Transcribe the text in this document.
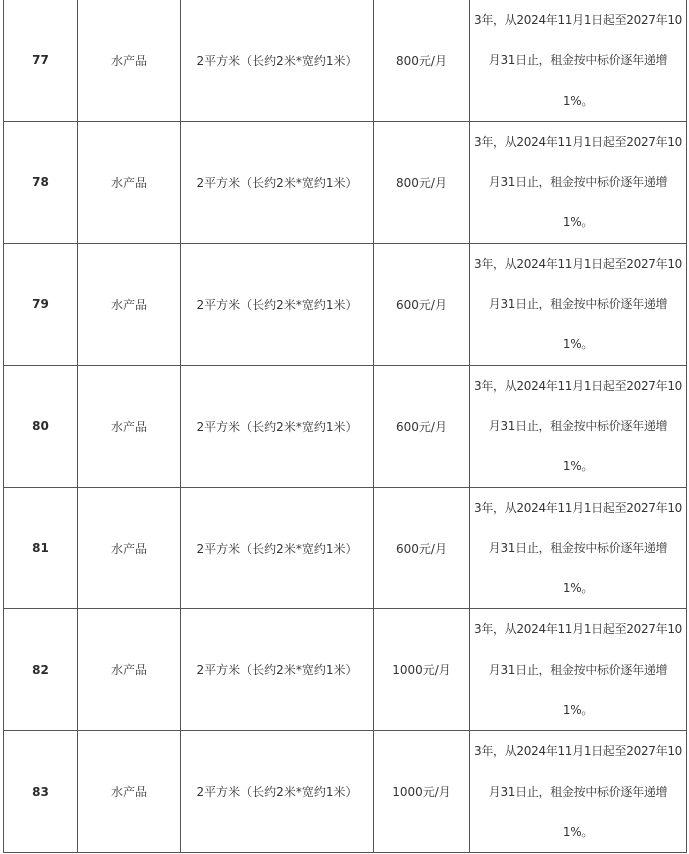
77	水产品	2平方米（长约2米*宽约1米）	800元/月	3年，从2024年11月1日起至2027年10
月31日止，租金按中标价逐年递增
1%。

78	水产品	2平方米（长约2米*宽约1米）	800元/月	3年，从2024年11月1日起至2027年10
月31日止，租金按中标价逐年递增
1%。

79	水产品	2平方米（长约2米*宽约1米）	600元/月	3年，从2024年11月1日起至2027年10
月31日止，租金按中标价逐年递增
1%。

80	水产品	2平方米（长约2米*宽约1米）	600元/月	3年，从2024年11月1日起至2027年10
月31日止，租金按中标价逐年递增
1%。

81	水产品	2平方米（长约2米*宽约1米）	600元/月	3年，从2024年11月1日起至2027年10
月31日止，租金按中标价逐年递增
1%。

82	水产品	2平方米（长约2米*宽约1米）	1000元/月	3年，从2024年11月1日起至2027年10
月31日止，租金按中标价逐年递增
1%。

83	水产品	2平方米（长约2米*宽约1米）	1000元/月	3年，从2024年11月1日起至2027年10
月31日止，租金按中标价逐年递增
1%。
